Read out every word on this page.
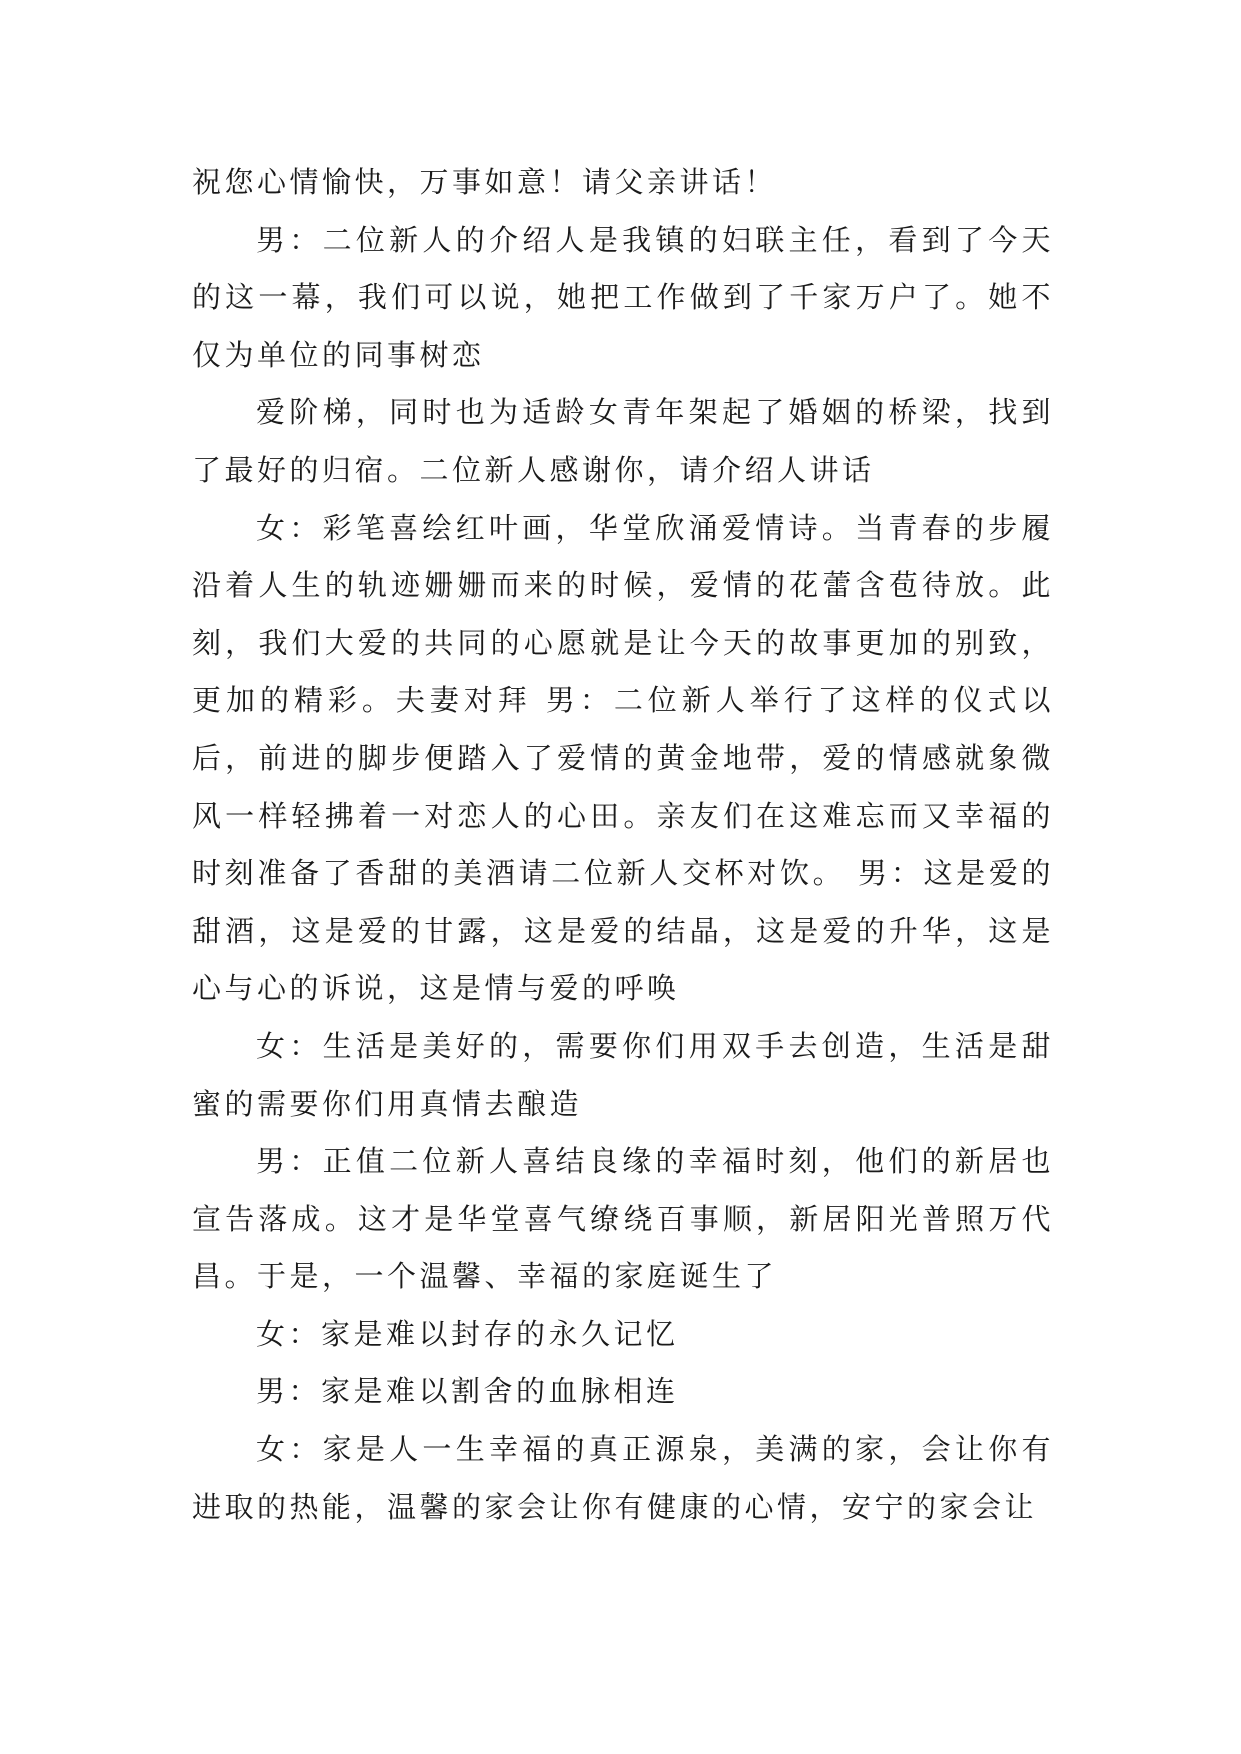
祝您心情愉快，万事如意！请父亲讲话！

男：二位新人的介绍人是我镇的妇联主任，看到了今天的这一幕，我们可以说，她把工作做到了千家万户了。她不仅为单位的同事树恋

爱阶梯，同时也为适龄女青年架起了婚姻的桥梁，找到了最好的归宿。二位新人感谢你，请介绍人讲话

女：彩笔喜绘红叶画，华堂欣涌爱情诗。当青春的步履沿着人生的轨迹姗姗而来的时候，爱情的花蕾含苞待放。此刻，我们大爱的共同的心愿就是让今天的故事更加的别致，更加的精彩。夫妻对拜 男：二位新人举行了这样的仪式以后，前进的脚步便踏入了爱情的黄金地带，爱的情感就象微风一样轻拂着一对恋人的心田。亲友们在这难忘而又幸福的时刻准备了香甜的美酒请二位新人交杯对饮。 男：这是爱的甜酒，这是爱的甘露，这是爱的结晶，这是爱的升华，这是心与心的诉说，这是情与爱的呼唤

女：生活是美好的，需要你们用双手去创造，生活是甜蜜的需要你们用真情去酿造

男：正值二位新人喜结良缘的幸福时刻，他们的新居也宣告落成。这才是华堂喜气缭绕百事顺，新居阳光普照万代昌。于是，一个温馨、幸福的家庭诞生了

女：家是难以封存的永久记忆

男：家是难以割舍的血脉相连

女：家是人一生幸福的真正源泉，美满的家，会让你有进取的热能，温馨的家会让你有健康的心情，安宁的家会让
